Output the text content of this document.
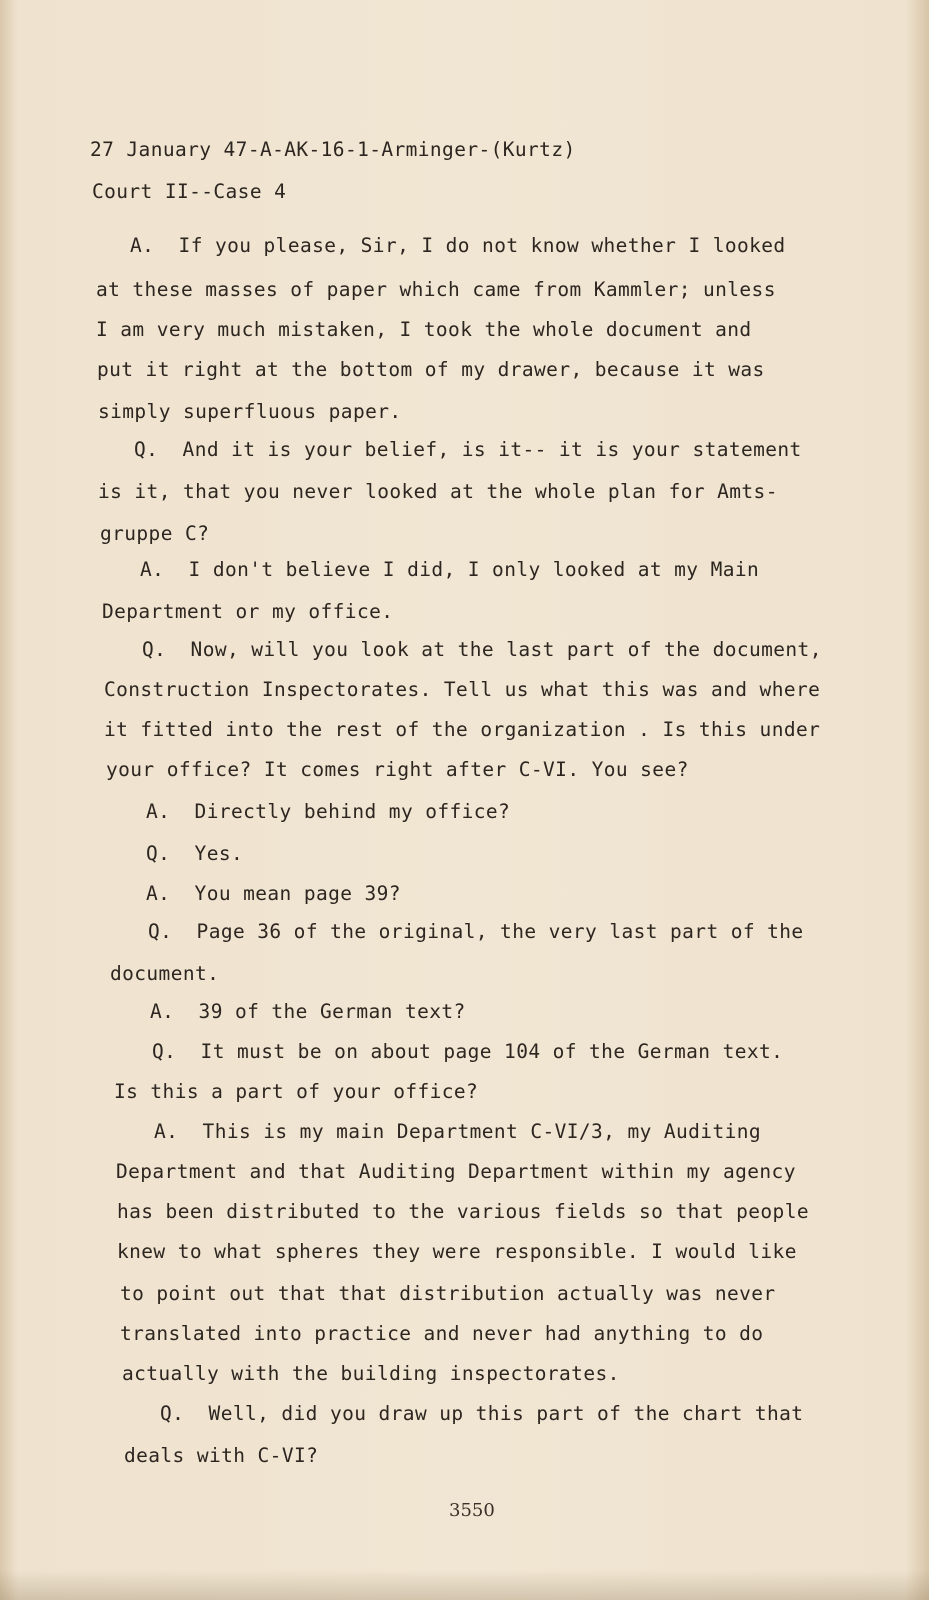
27 January 47-A-AK-16-1-Arminger-(Kurtz)
Court II--Case 4
A.  If you please, Sir, I do not know whether I looked
at these masses of paper which came from Kammler; unless
I am very much mistaken, I took the whole document and
put it right at the bottom of my drawer, because it was
simply superfluous paper.
Q.  And it is your belief, is it-- it is your statement
is it, that you never looked at the whole plan for Amts-
gruppe C?
A.  I don't believe I did, I only looked at my Main
Department or my office.
Q.  Now, will you look at the last part of the document,
Construction Inspectorates. Tell us what this was and where
it fitted into the rest of the organization . Is this under
your office? It comes right after C-VI. You see?
A.  Directly behind my office?
Q.  Yes.
A.  You mean page 39?
Q.  Page 36 of the original, the very last part of the
document.
A.  39 of the German text?
Q.  It must be on about page 104 of the German text.
Is this a part of your office?
A.  This is my main Department C-VI/3, my Auditing
Department and that Auditing Department within my agency
has been distributed to the various fields so that people
knew to what spheres they were responsible. I would like
to point out that that distribution actually was never
translated into practice and never had anything to do
actually with the building inspectorates.
Q.  Well, did you draw up this part of the chart that
deals with C-VI?
3550
